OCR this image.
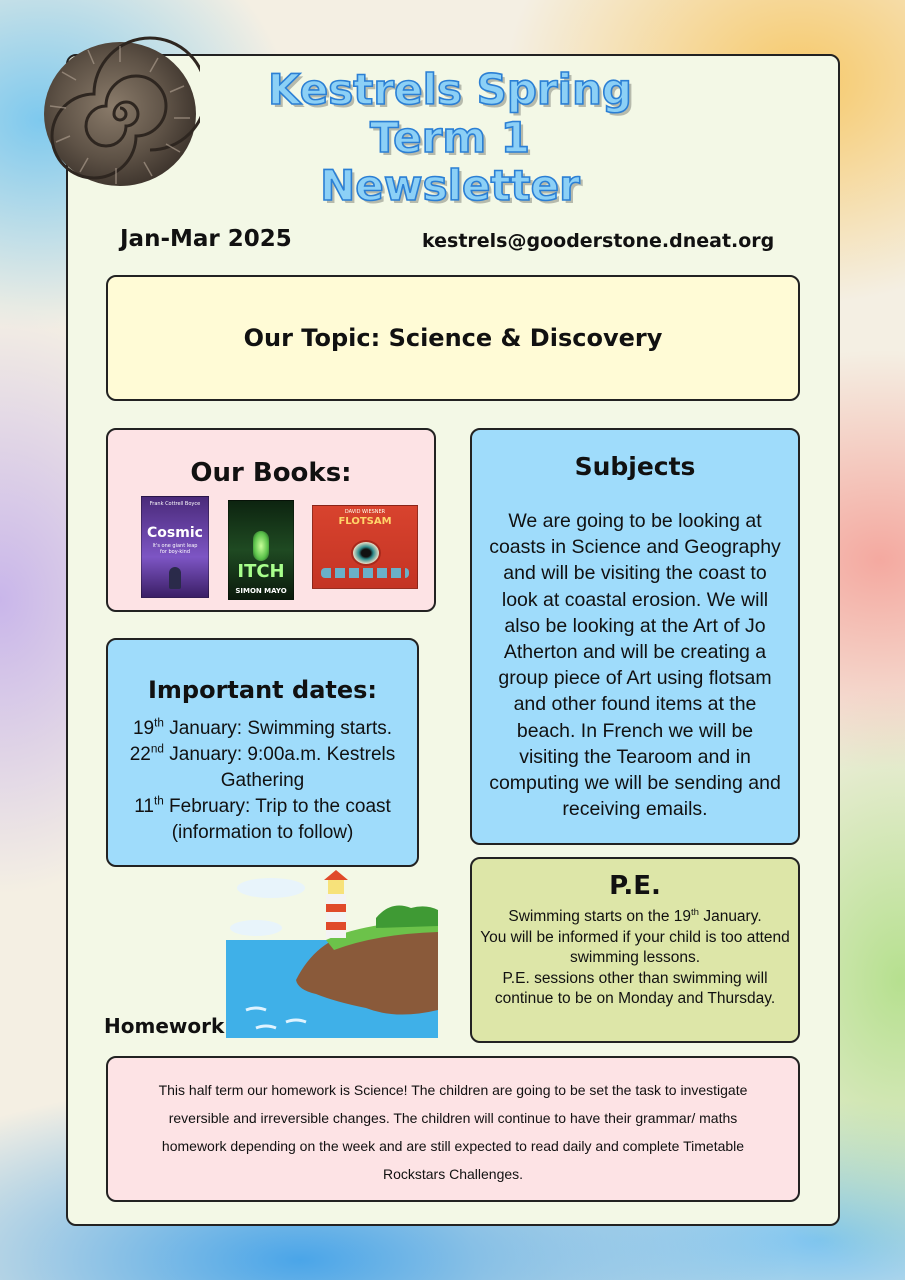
Kestrels Spring
Term 1
Newsletter
Jan-Mar 2025	kestrels@gooderstone.dneat.org
Our Topic: Science & Discovery
Our Books:
Frank Cottrell Boyce
Cosmic
It's one giant leap for boy-kind
ITCH
SIMON MAYO
DAVID WIESNER
FLOTSAM
Subjects

We are going to be looking at coasts in Science and Geography and will be visiting the coast to look at coastal erosion. We will also be looking at the Art of Jo Atherton and will be creating a group piece of Art using flotsam and other found items at the beach. In French we will be visiting the Tearoom and in computing we will be sending and receiving emails.

Important dates:
19th January: Swimming starts.
22nd January: 9:00a.m. Kestrels Gathering
11th February: Trip to the coast (information to follow)
P.E.
Swimming starts on the 19th January.
You will be informed if your child is too attend swimming lessons.
P.E. sessions other than swimming will continue to be on Monday and Thursday.
Homework

This half term our homework is Science! The children are going to be set the task to investigate reversible and irreversible changes. The children will continue to have their grammar/ maths homework depending on the week and are still expected to read daily and complete Timetable Rockstars Challenges.
